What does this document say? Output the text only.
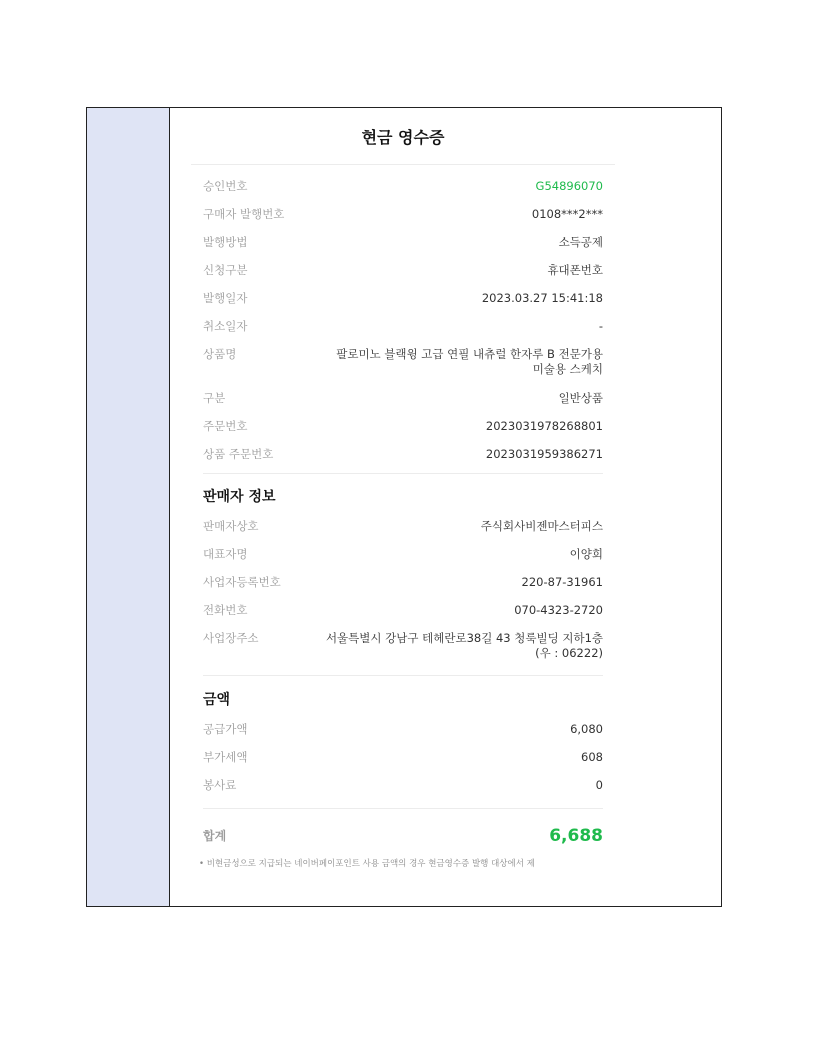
현금 영수증
승인번호	G54896070
구매자 발행번호	0108***2***
발행방법	소득공제
신청구분	휴대폰번호
발행일자	2023.03.27 15:41:18
취소일자	-
상품명	팔로미노 블랙윙 고급 연필 내츄럴 한자루 B 전문가용
미술용 스케치
구분	일반상품
주문번호	2023031978268801
상품 주문번호	2023031959386271
판매자 정보
판매자상호	주식회사비젠마스터피스
대표자명	이양희
사업자등록번호	220-87-31961
전화번호	070-4323-2720
사업장주소	서울특별시 강남구 테헤란로38길 43 청룩빌딩 지하1층
(우 : 06222)
금액
공급가액	6,080
부가세액	608
봉사료	0
합계	6,688
• 비현금성으로 지급되는 네이버페이포인트 사용 금액의 경우 현금영수증 발행 대상에서 제
